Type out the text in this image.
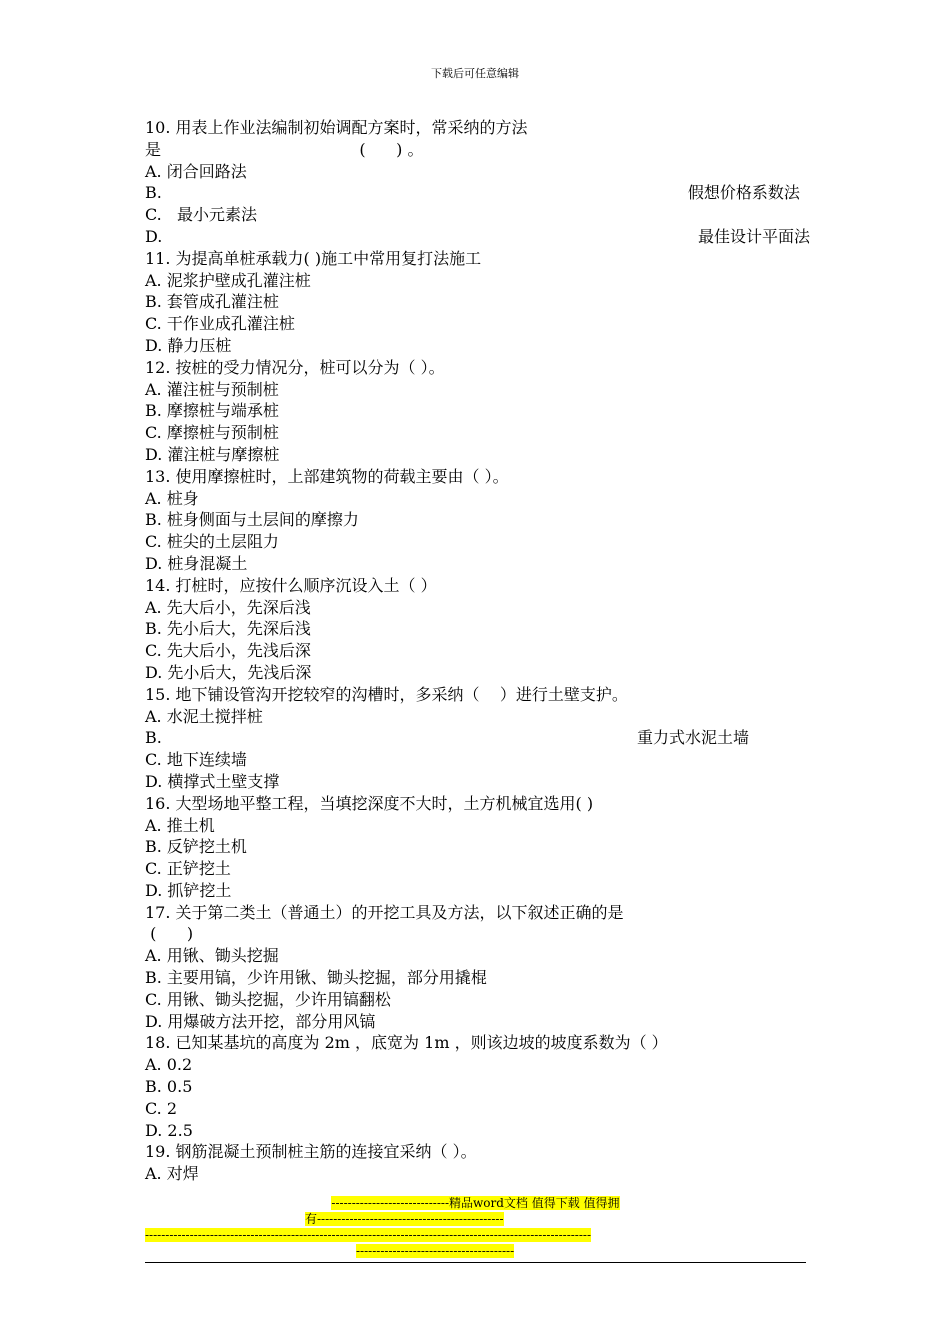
下载后可任意编辑
10. 用表上作业法编制初始调配方案时，常采纳的方法
是                                       (      ) 。
A. 闭合回路法
B.	假想价格系数法
C.   最小元素法
D.	最佳设计平面法
11. 为提高单桩承载力( )施工中常用复打法施工
A. 泥浆护壁成孔灌注桩
B. 套管成孔灌注桩
C. 干作业成孔灌注桩
D. 静力压桩
12. 按桩的受力情况分，桩可以分为（ ）。
A. 灌注桩与预制桩
B. 摩擦桩与端承桩
C. 摩擦桩与预制桩
D. 灌注桩与摩擦桩
13. 使用摩擦桩时，上部建筑物的荷载主要由（ ）。
A. 桩身
B. 桩身侧面与土层间的摩擦力
C. 桩尖的土层阻力
D. 桩身混凝土
14. 打桩时，应按什么顺序沉设入土（ ）
A. 先大后小，先深后浅
B. 先小后大，先深后浅
C. 先大后小，先浅后深
D. 先小后大，先浅后深
15. 地下铺设管沟开挖较窄的沟槽时，多采纳（    ）进行土壁支护。
A. 水泥土搅拌桩
B.	重力式水泥土墙
C. 地下连续墙
D. 横撑式土壁支撑
16. 大型场地平整工程，当填挖深度不大时，土方机械宜选用( )
A. 推土机
B. 反铲挖土机
C. 正铲挖土
D. 抓铲挖土
17. 关于第二类土（普通土）的开挖工具及方法，以下叙述正确的是
(      )
A. 用锹、锄头挖掘
B. 主要用镐，少许用锹、锄头挖掘，部分用撬棍
C. 用锹、锄头挖掘，少许用镐翻松
D. 用爆破方法开挖，部分用风镐
18. 已知某基坑的高度为 2m ，底宽为 1m ，则该边坡的坡度系数为（ ）
A. 0.2
B. 0.5
C. 2
D. 2.5
19. 钢筋混凝土预制桩主筋的连接宜采纳（ ）。
A. 对焊
-----------------------------精品word文档 值得下载 值得拥
有----------------------------------------------
--------------------------------------------------------------------------------------------------------------
---------------------------------------
